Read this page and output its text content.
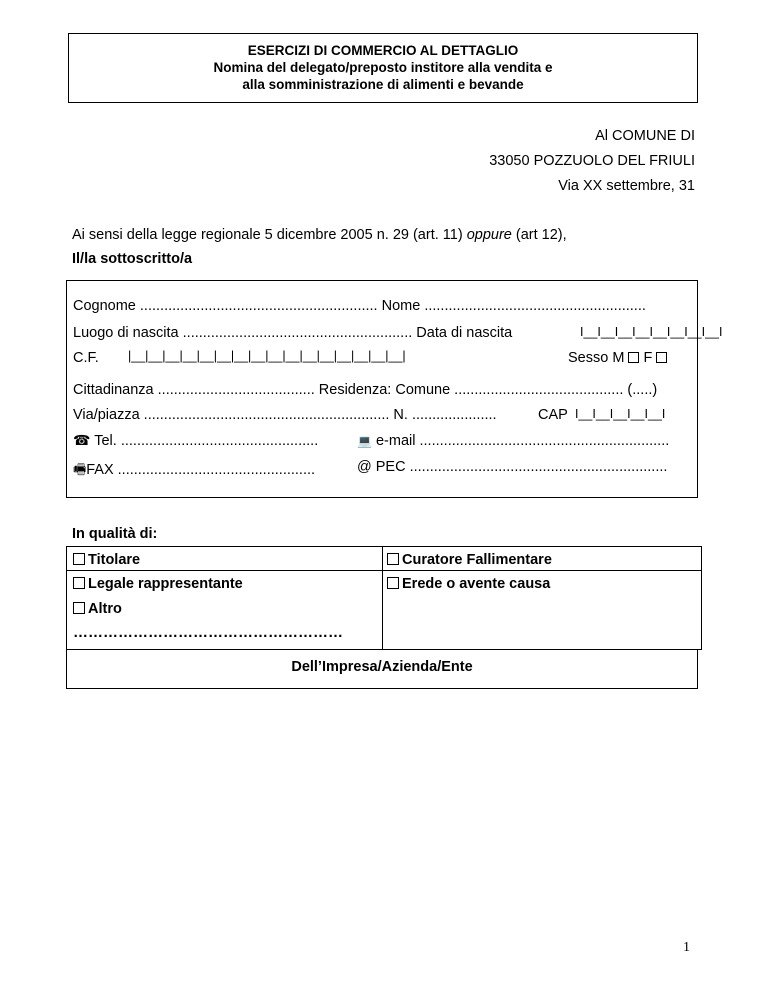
ESERCIZI DI COMMERCIO AL DETTAGLIO
Nomina del delegato/preposto institore alla vendita e
alla somministrazione di alimenti e bevande
Al COMUNE DI
33050 POZZUOLO DEL FRIULI
Via XX settembre, 31
Ai sensi della legge regionale 5 dicembre 2005 n. 29 (art. 11) oppure (art 12),
Il/la sottoscritto/a
Cognome ........................................................... Nome .......................................................
Luogo di nascita ......................................................... Data di nascita	I__I__I__I__I__I__I__I__I
C.F. |__|__|__|__|__|__|__|__|__|__|__|__|__|__|__|__|	Sesso M F
Cittadinanza ....................................... Residenza: Comune .......................................... (.....)
Via/piazza ............................................................. N. .....................	CAP I__I__I__I__I__I
☎ Tel. .................................................	💻 e-mail ..............................................................
🖷FAX .................................................	@ PEC ................................................................
In qualità di:
Titolare	Curatore Fallimentare
Legale rappresentante	Erede o avente causa
Altro
………………………………………………
Dell’Impresa/Azienda/Ente
1
